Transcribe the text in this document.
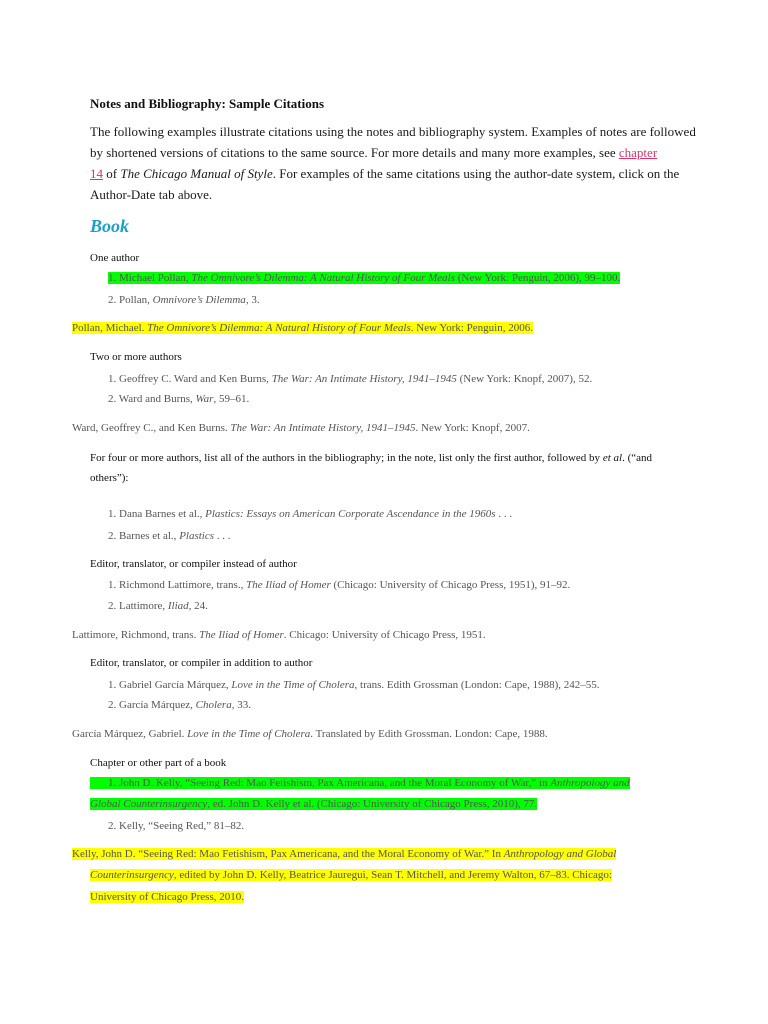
Notes and Bibliography: Sample Citations
The following examples illustrate citations using the notes and bibliography system. Examples of notes are followed
by shortened versions of citations to the same source. For more details and many more examples, see chapter
14 of The Chicago Manual of Style. For examples of the same citations using the author-date system, click on the
Author-Date tab above.
Book
One author
1. Michael Pollan, The Omnivore’s Dilemma: A Natural History of Four Meals (New York: Penguin, 2006), 99–100.
2. Pollan, Omnivore’s Dilemma, 3.
Pollan, Michael. The Omnivore’s Dilemma: A Natural History of Four Meals. New York: Penguin, 2006.
Two or more authors
1. Geoffrey C. Ward and Ken Burns, The War: An Intimate History, 1941–1945 (New York: Knopf, 2007), 52.
2. Ward and Burns, War, 59–61.
Ward, Geoffrey C., and Ken Burns. The War: An Intimate History, 1941–1945. New York: Knopf, 2007.
For four or more authors, list all of the authors in the bibliography; in the note, list only the first author, followed by et al. (“and
others”):
1. Dana Barnes et al., Plastics: Essays on American Corporate Ascendance in the 1960s . . .
2. Barnes et al., Plastics . . .
Editor, translator, or compiler instead of author
1. Richmond Lattimore, trans., The Iliad of Homer (Chicago: University of Chicago Press, 1951), 91–92.
2. Lattimore, Iliad, 24.
Lattimore, Richmond, trans. The Iliad of Homer. Chicago: University of Chicago Press, 1951.
Editor, translator, or compiler in addition to author
1. Gabriel García Márquez, Love in the Time of Cholera, trans. Edith Grossman (London: Cape, 1988), 242–55.
2. García Márquez, Cholera, 33.
García Márquez, Gabriel. Love in the Time of Cholera. Translated by Edith Grossman. London: Cape, 1988.
Chapter or other part of a book
1. John D. Kelly, “Seeing Red: Mao Fetishism, Pax Americana, and the Moral Economy of War,” in Anthropology and
Global Counterinsurgency, ed. John D. Kelly et al. (Chicago: University of Chicago Press, 2010), 77.
2. Kelly, “Seeing Red,” 81–82.
Kelly, John D. “Seeing Red: Mao Fetishism, Pax Americana, and the Moral Economy of War.” In Anthropology and Global
Counterinsurgency, edited by John D. Kelly, Beatrice Jauregui, Sean T. Mitchell, and Jeremy Walton, 67–83. Chicago:
University of Chicago Press, 2010.
